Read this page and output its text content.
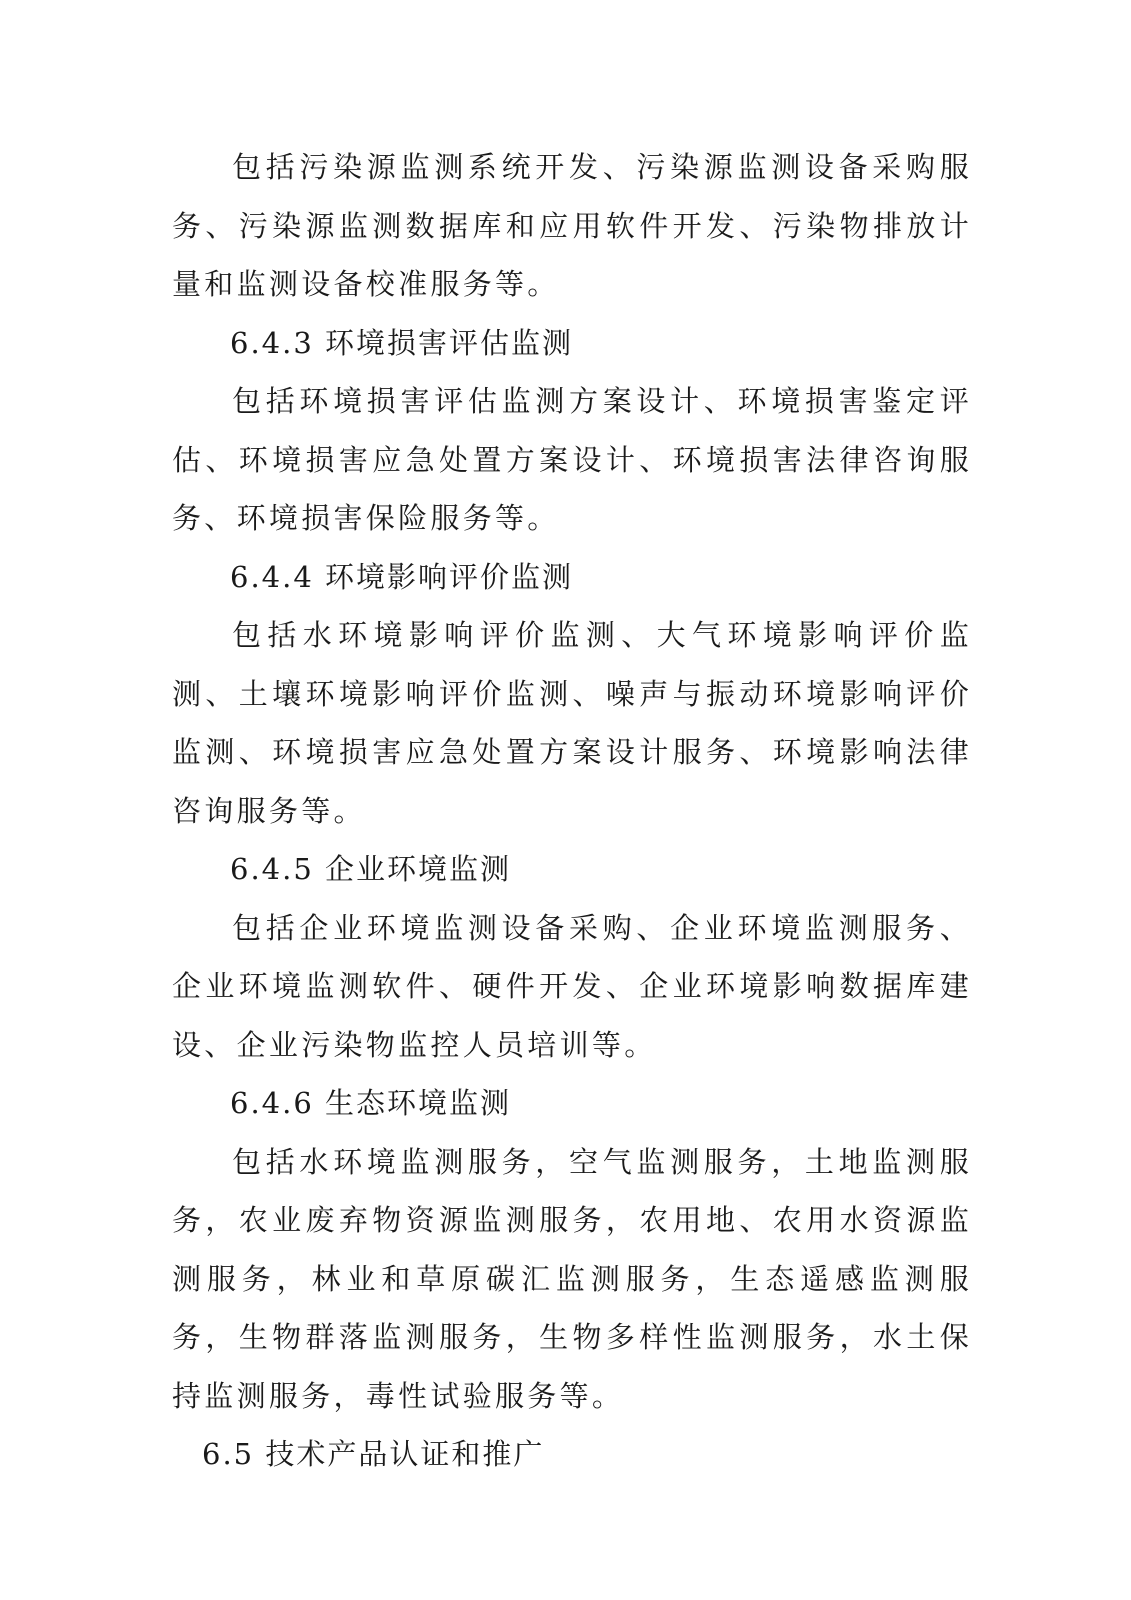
包括污染源监测系统开发、污染源监测设备采购服务、污染源监测数据库和应用软件开发、污染物排放计量和监测设备校准服务等。

6.4.3 环境损害评估监测

包括环境损害评估监测方案设计、环境损害鉴定评估、环境损害应急处置方案设计、环境损害法律咨询服务、环境损害保险服务等。

6.4.4 环境影响评价监测

包括水环境影响评价监测、大气环境影响评价监测、土壤环境影响评价监测、噪声与振动环境影响评价监测、环境损害应急处置方案设计服务、环境影响法律咨询服务等。

6.4.5 企业环境监测

包括企业环境监测设备采购、企业环境监测服务、企业环境监测软件、硬件开发、企业环境影响数据库建设、企业污染物监控人员培训等。

6.4.6 生态环境监测

包括水环境监测服务，空气监测服务，土地监测服务，农业废弃物资源监测服务，农用地、农用水资源监测服务，林业和草原碳汇监测服务，生态遥感监测服务，生物群落监测服务，生物多样性监测服务，水土保持监测服务，毒性试验服务等。

6.5 技术产品认证和推广
